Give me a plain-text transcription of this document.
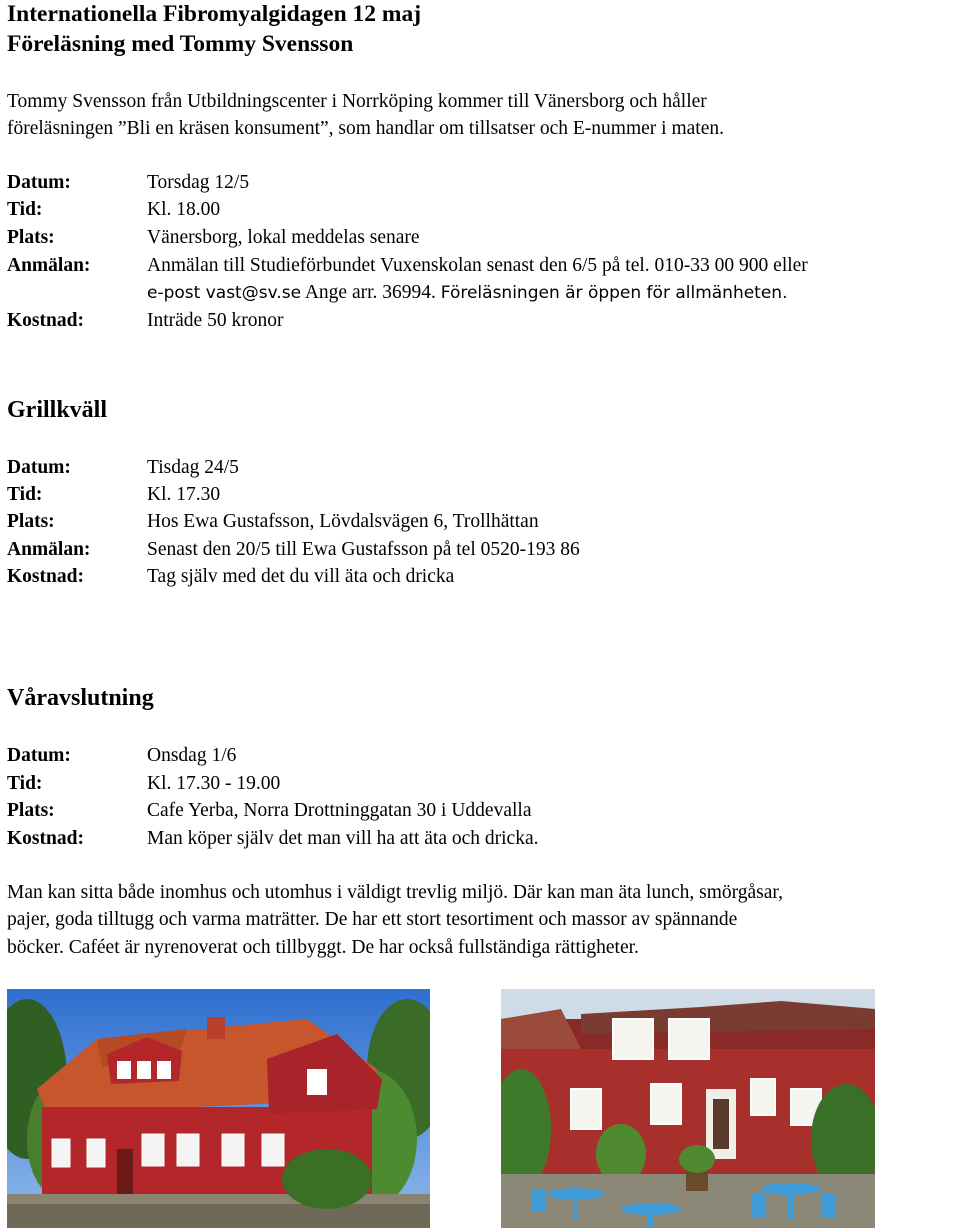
Internationella Fibromyalgidagen 12 maj
Föreläsning med Tommy Svensson
Tommy Svensson från Utbildningscenter i Norrköping kommer till Vänersborg och håller
föreläsningen ”Bli en kräsen konsument”, som handlar om tillsatser och E-nummer i maten.
Datum:	Torsdag 12/5
Tid:	Kl. 18.00
Plats:	Vänersborg, lokal meddelas senare
Anmälan:	Anmälan till Studieförbundet Vuxenskolan senast den 6/5 på tel. 010-33 00 900 eller
e-post vast@sv.se Ange arr. 36994. Föreläsningen är öppen för allmänheten.
Kostnad:	Inträde 50 kronor
Grillkväll
Datum:	Tisdag 24/5
Tid:	Kl. 17.30
Plats:	Hos Ewa Gustafsson, Lövdalsvägen 6, Trollhättan
Anmälan:	Senast den 20/5 till Ewa Gustafsson på tel 0520-193 86
Kostnad:	Tag själv med det du vill äta och dricka
Våravslutning
Datum:	Onsdag 1/6
Tid:	Kl. 17.30 - 19.00
Plats:	Cafe Yerba, Norra Drottninggatan 30 i Uddevalla
Kostnad:	Man köper själv det man vill ha att äta och dricka.
Man kan sitta både inomhus och utomhus i väldigt trevlig miljö. Där kan man äta lunch, smörgåsar,
pajer, goda tilltugg och varma maträtter. De har ett stort tesortiment och massor av spännande
böcker. Caféet är nyrenoverat och tillbyggt. De har också fullständiga rättigheter.
